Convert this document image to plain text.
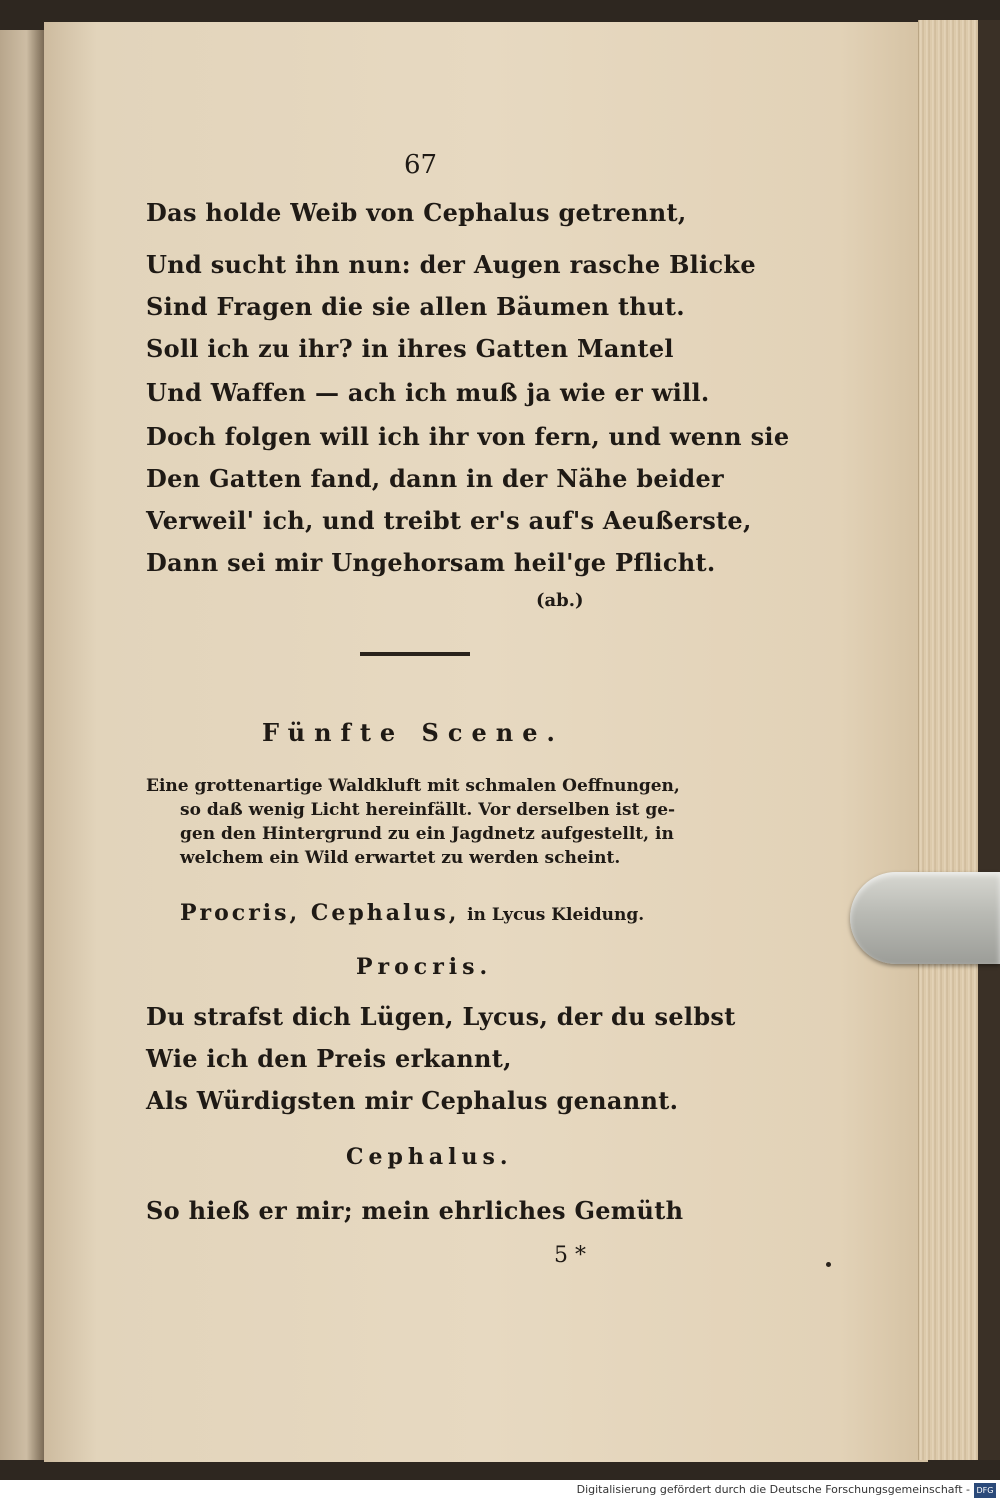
67
Das holde Weib von Cephalus getrennt,
Und sucht ihn nun: der Augen rasche Blicke
Sind Fragen die sie allen Bäumen thut.
Soll ich zu ihr? in ihres Gatten Mantel
Und Waffen — ach ich muß ja wie er will.
Doch folgen will ich ihr von fern, und wenn sie
Den Gatten fand, dann in der Nähe beider
Verweil' ich, und treibt er's auf's Aeußerste,
Dann sei mir Ungehorsam heil'ge Pflicht.
(ab.)
Fünfte Scene.
Eine grottenartige Waldkluft mit schmalen Oeffnungen,
so daß wenig Licht hereinfällt. Vor derselben ist ge-
gen den Hintergrund zu ein Jagdnetz aufgestellt, in
welchem ein Wild erwartet zu werden scheint.
Procris, Cephalus, in Lycus Kleidung.
Procris.
Du strafst dich Lügen, Lycus, der du selbst
Wie ich den Preis erkannt,
Als Würdigsten mir Cephalus genannt.
Cephalus.
So hieß er mir; mein ehrliches Gemüth
5 *
Digitalisierung gefördert durch die Deutsche Forschungsgemeinschaft - DFG
